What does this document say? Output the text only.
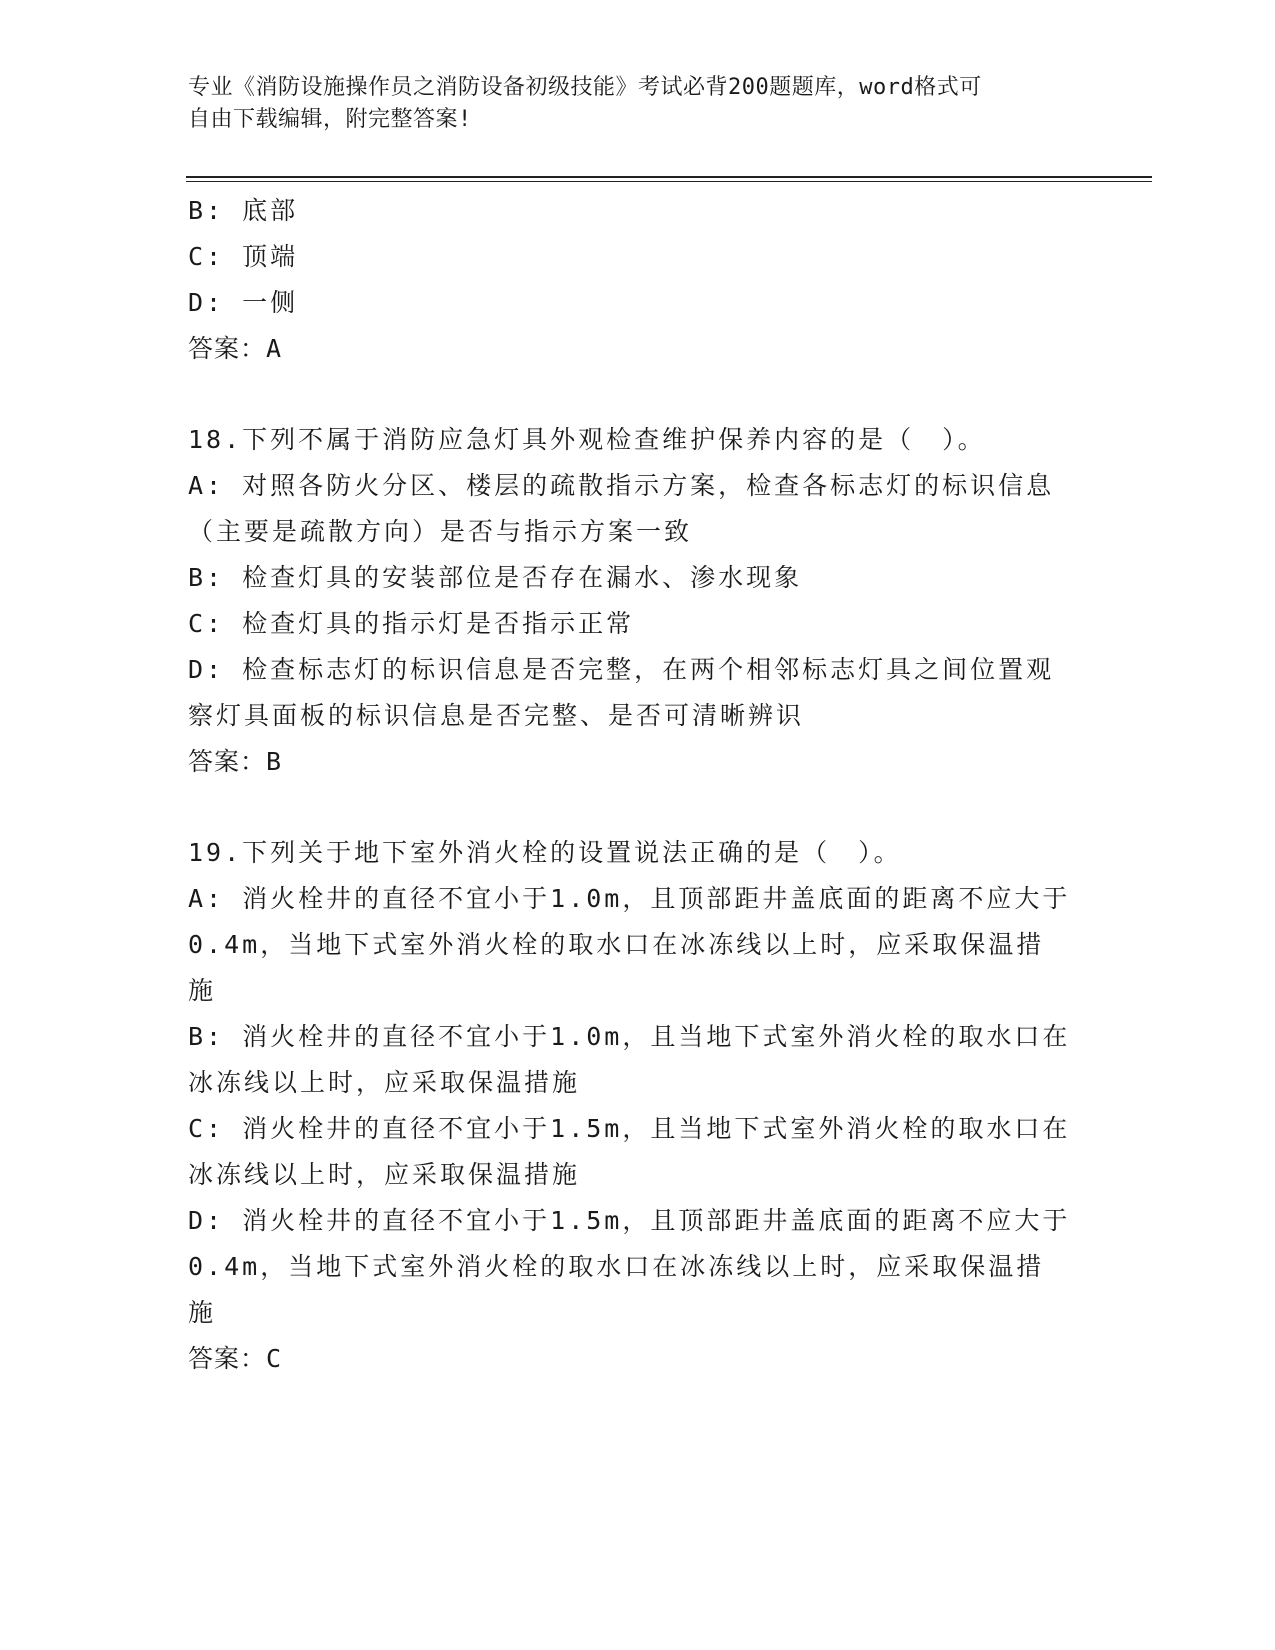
专业《消防设施操作员之消防设备初级技能》考试必背200题题库，word格式可
自由下载编辑，附完整答案!
B: 底部
C: 顶端
D: 一侧
答案：A
18.下列不属于消防应急灯具外观检查维护保养内容的是（　）。
A: 对照各防火分区、楼层的疏散指示方案，检查各标志灯的标识信息
（主要是疏散方向）是否与指示方案一致
B: 检查灯具的安装部位是否存在漏水、渗水现象
C: 检查灯具的指示灯是否指示正常
D: 检查标志灯的标识信息是否完整，在两个相邻标志灯具之间位置观
察灯具面板的标识信息是否完整、是否可清晰辨识
答案：B
19.下列关于地下室外消火栓的设置说法正确的是（　）。
A: 消火栓井的直径不宜小于1.0m，且顶部距井盖底面的距离不应大于
0.4m，当地下式室外消火栓的取水口在冰冻线以上时，应采取保温措
施
B: 消火栓井的直径不宜小于1.0m，且当地下式室外消火栓的取水口在
冰冻线以上时，应采取保温措施
C: 消火栓井的直径不宜小于1.5m，且当地下式室外消火栓的取水口在
冰冻线以上时，应采取保温措施
D: 消火栓井的直径不宜小于1.5m，且顶部距井盖底面的距离不应大于
0.4m，当地下式室外消火栓的取水口在冰冻线以上时，应采取保温措
施
答案：C
